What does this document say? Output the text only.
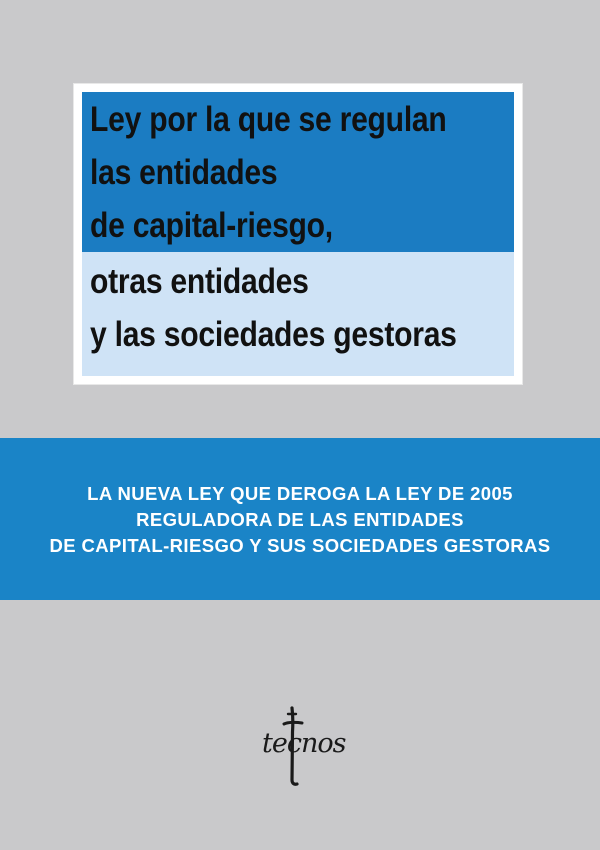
Ley por la que se regulan
las entidades
de capital-riesgo,
otras entidades
y las sociedades gestoras
LA NUEVA LEY QUE DEROGA LA LEY DE 2005
REGULADORA DE LAS ENTIDADES
DE CAPITAL-RIESGO Y SUS SOCIEDADES GESTORAS
tecnos
